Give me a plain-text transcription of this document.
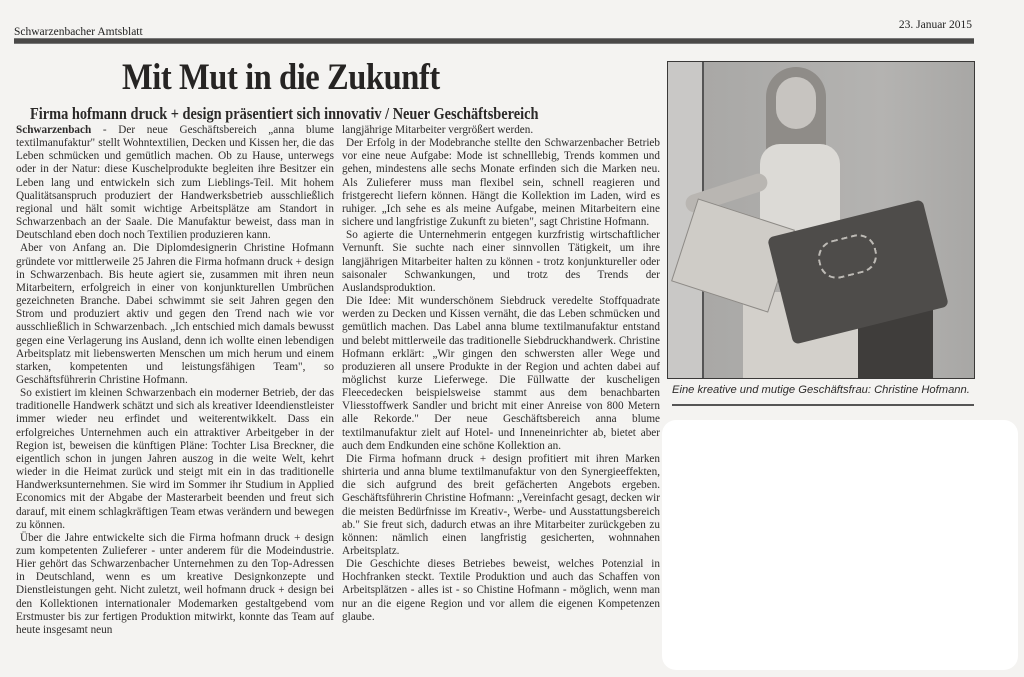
Schwarzenbacher Amtsblatt
23. Januar 2015
Mit Mut in die Zukunft
Firma hofmann druck + design präsentiert sich innovativ / Neuer Geschäftsbereich

Schwarzenbach - Der neue Geschäftsbereich „anna blume textilmanufaktur" stellt Wohntextilien, Decken und Kissen her, die das Leben schmücken und gemütlich machen. Ob zu Hause, unterwegs oder in der Natur: diese Kuschelprodukte begleiten ihre Besitzer ein Leben lang und entwickeln sich zum Lieblings-Teil. Mit hohem Qualitätsanspruch produziert der Handwerksbetrieb ausschließlich regional und hält somit wichtige Arbeitsplätze am Standort in Schwarzenbach an der Saale. Die Manufaktur beweist, dass man in Deutschland eben doch noch Textilien produzieren kann.

Aber von Anfang an. Die Diplomdesignerin Christine Hofmann gründete vor mittlerweile 25 Jahren die Firma hofmann druck + design in Schwarzenbach. Bis heute agiert sie, zusammen mit ihren neun Mitarbeitern, erfolgreich in einer von konjunkturellen Umbrüchen gezeichneten Branche. Dabei schwimmt sie seit Jahren gegen den Strom und produziert aktiv und gegen den Trend nach wie vor ausschließlich in Schwarzenbach. „Ich entschied mich damals bewusst gegen eine Verlagerung ins Ausland, denn ich wollte einen lebendigen Arbeitsplatz mit liebenswerten Menschen um mich herum und einem starken, kompetenten und leistungsfähigen Team", so Geschäftsführerin Christine Hofmann.

So existiert im kleinen Schwarzenbach ein moderner Betrieb, der das traditionelle Handwerk schätzt und sich als kreativer Ideendienstleister immer wieder neu erfindet und weiterentwikkelt. Dass ein erfolgreiches Unternehmen auch ein attraktiver Arbeitgeber in der Region ist, beweisen die künftigen Pläne: Tochter Lisa Breckner, die eigentlich schon in jungen Jahren auszog in die weite Welt, kehrt wieder in die Heimat zurück und steigt mit ein in das traditionelle Handwerksunternehmen. Sie wird im Sommer ihr Studium in Applied Economics mit der Abgabe der Masterarbeit beenden und freut sich darauf, mit einem schlagkräftigen Team etwas verändern und bewegen zu können.

Über die Jahre entwickelte sich die Firma hofmann druck + design zum kompetenten Zulieferer - unter anderem für die Modeindustrie. Hier gehört das Schwarzenbacher Unternehmen zu den Top-Adressen in Deutschland, wenn es um kreative Designkonzepte und Dienstleistungen geht. Nicht zuletzt, weil hofmann druck + design bei den Kollektionen internationaler Modemarken gestaltgebend vom Erstmuster bis zur fertigen Produktion mitwirkt, konnte das Team auf heute insgesamt neun

langjährige Mitarbeiter vergrößert werden.

Der Erfolg in der Modebranche stellte den Schwarzenbacher Betrieb vor eine neue Aufgabe: Mode ist schnelllebig, Trends kommen und gehen, mindestens alle sechs Monate erfinden sich die Marken neu. Als Zulieferer muss man flexibel sein, schnell reagieren und fristgerecht liefern können. Hängt die Kollektion im Laden, wird es ruhiger. „Ich sehe es als meine Aufgabe, meinen Mitarbeitern eine sichere und langfristige Zukunft zu bieten", sagt Christine Hofmann.

So agierte die Unternehmerin entgegen kurzfristig wirtschaftlicher Vernunft. Sie suchte nach einer sinnvollen Tätigkeit, um ihre langjährigen Mitarbeiter halten zu können - trotz konjunktureller oder saisonaler Schwankungen, und trotz des Trends der Auslandsproduktion.

Die Idee: Mit wunderschönem Siebdruck veredelte Stoffquadrate werden zu Decken und Kissen vernäht, die das Leben schmücken und gemütlich machen. Das Label anna blume textilmanufaktur entstand und belebt mittlerweile das traditionelle Siebdruckhandwerk. Christine Hofmann erklärt: „Wir gingen den schwersten aller Wege und produzieren all unsere Produkte in der Region und achten dabei auf möglichst kurze Lieferwege. Die Füllwatte der kuscheligen Fleecedecken beispielsweise stammt aus dem benachbarten Vliesstoffwerk Sandler und bricht mit einer Anreise von 800 Metern alle Rekorde." Der neue Geschäftsbereich anna blume textilmanufaktur zielt auf Hotel- und Inneneinrichter ab, bietet aber auch dem Endkunden eine schöne Kollektion an.

Die Firma hofmann druck + design profitiert mit ihren Marken shirteria und anna blume textilmanufaktur von den Synergieeffekten, die sich aufgrund des breit gefächerten Angebots ergeben. Geschäftsführerin Christine Hofmann: „Vereinfacht gesagt, decken wir die meisten Bedürfnisse im Kreativ-, Werbe- und Ausstattungsbereich ab." Sie freut sich, dadurch etwas an ihre Mitarbeiter zurückgeben zu können: nämlich einen langfristig gesicherten, wohnnahen Arbeitsplatz.

Die Geschichte dieses Betriebes beweist, welches Potenzial in Hochfranken steckt. Textile Produktion und auch das Schaffen von Arbeitsplätzen - alles ist - so Chistine Hofmann - möglich, wenn man nur an die eigene Region und vor allem die eigenen Kompetenzen glaube.

Eine kreative und mutige Geschäftsfrau: Christine Hofmann.
